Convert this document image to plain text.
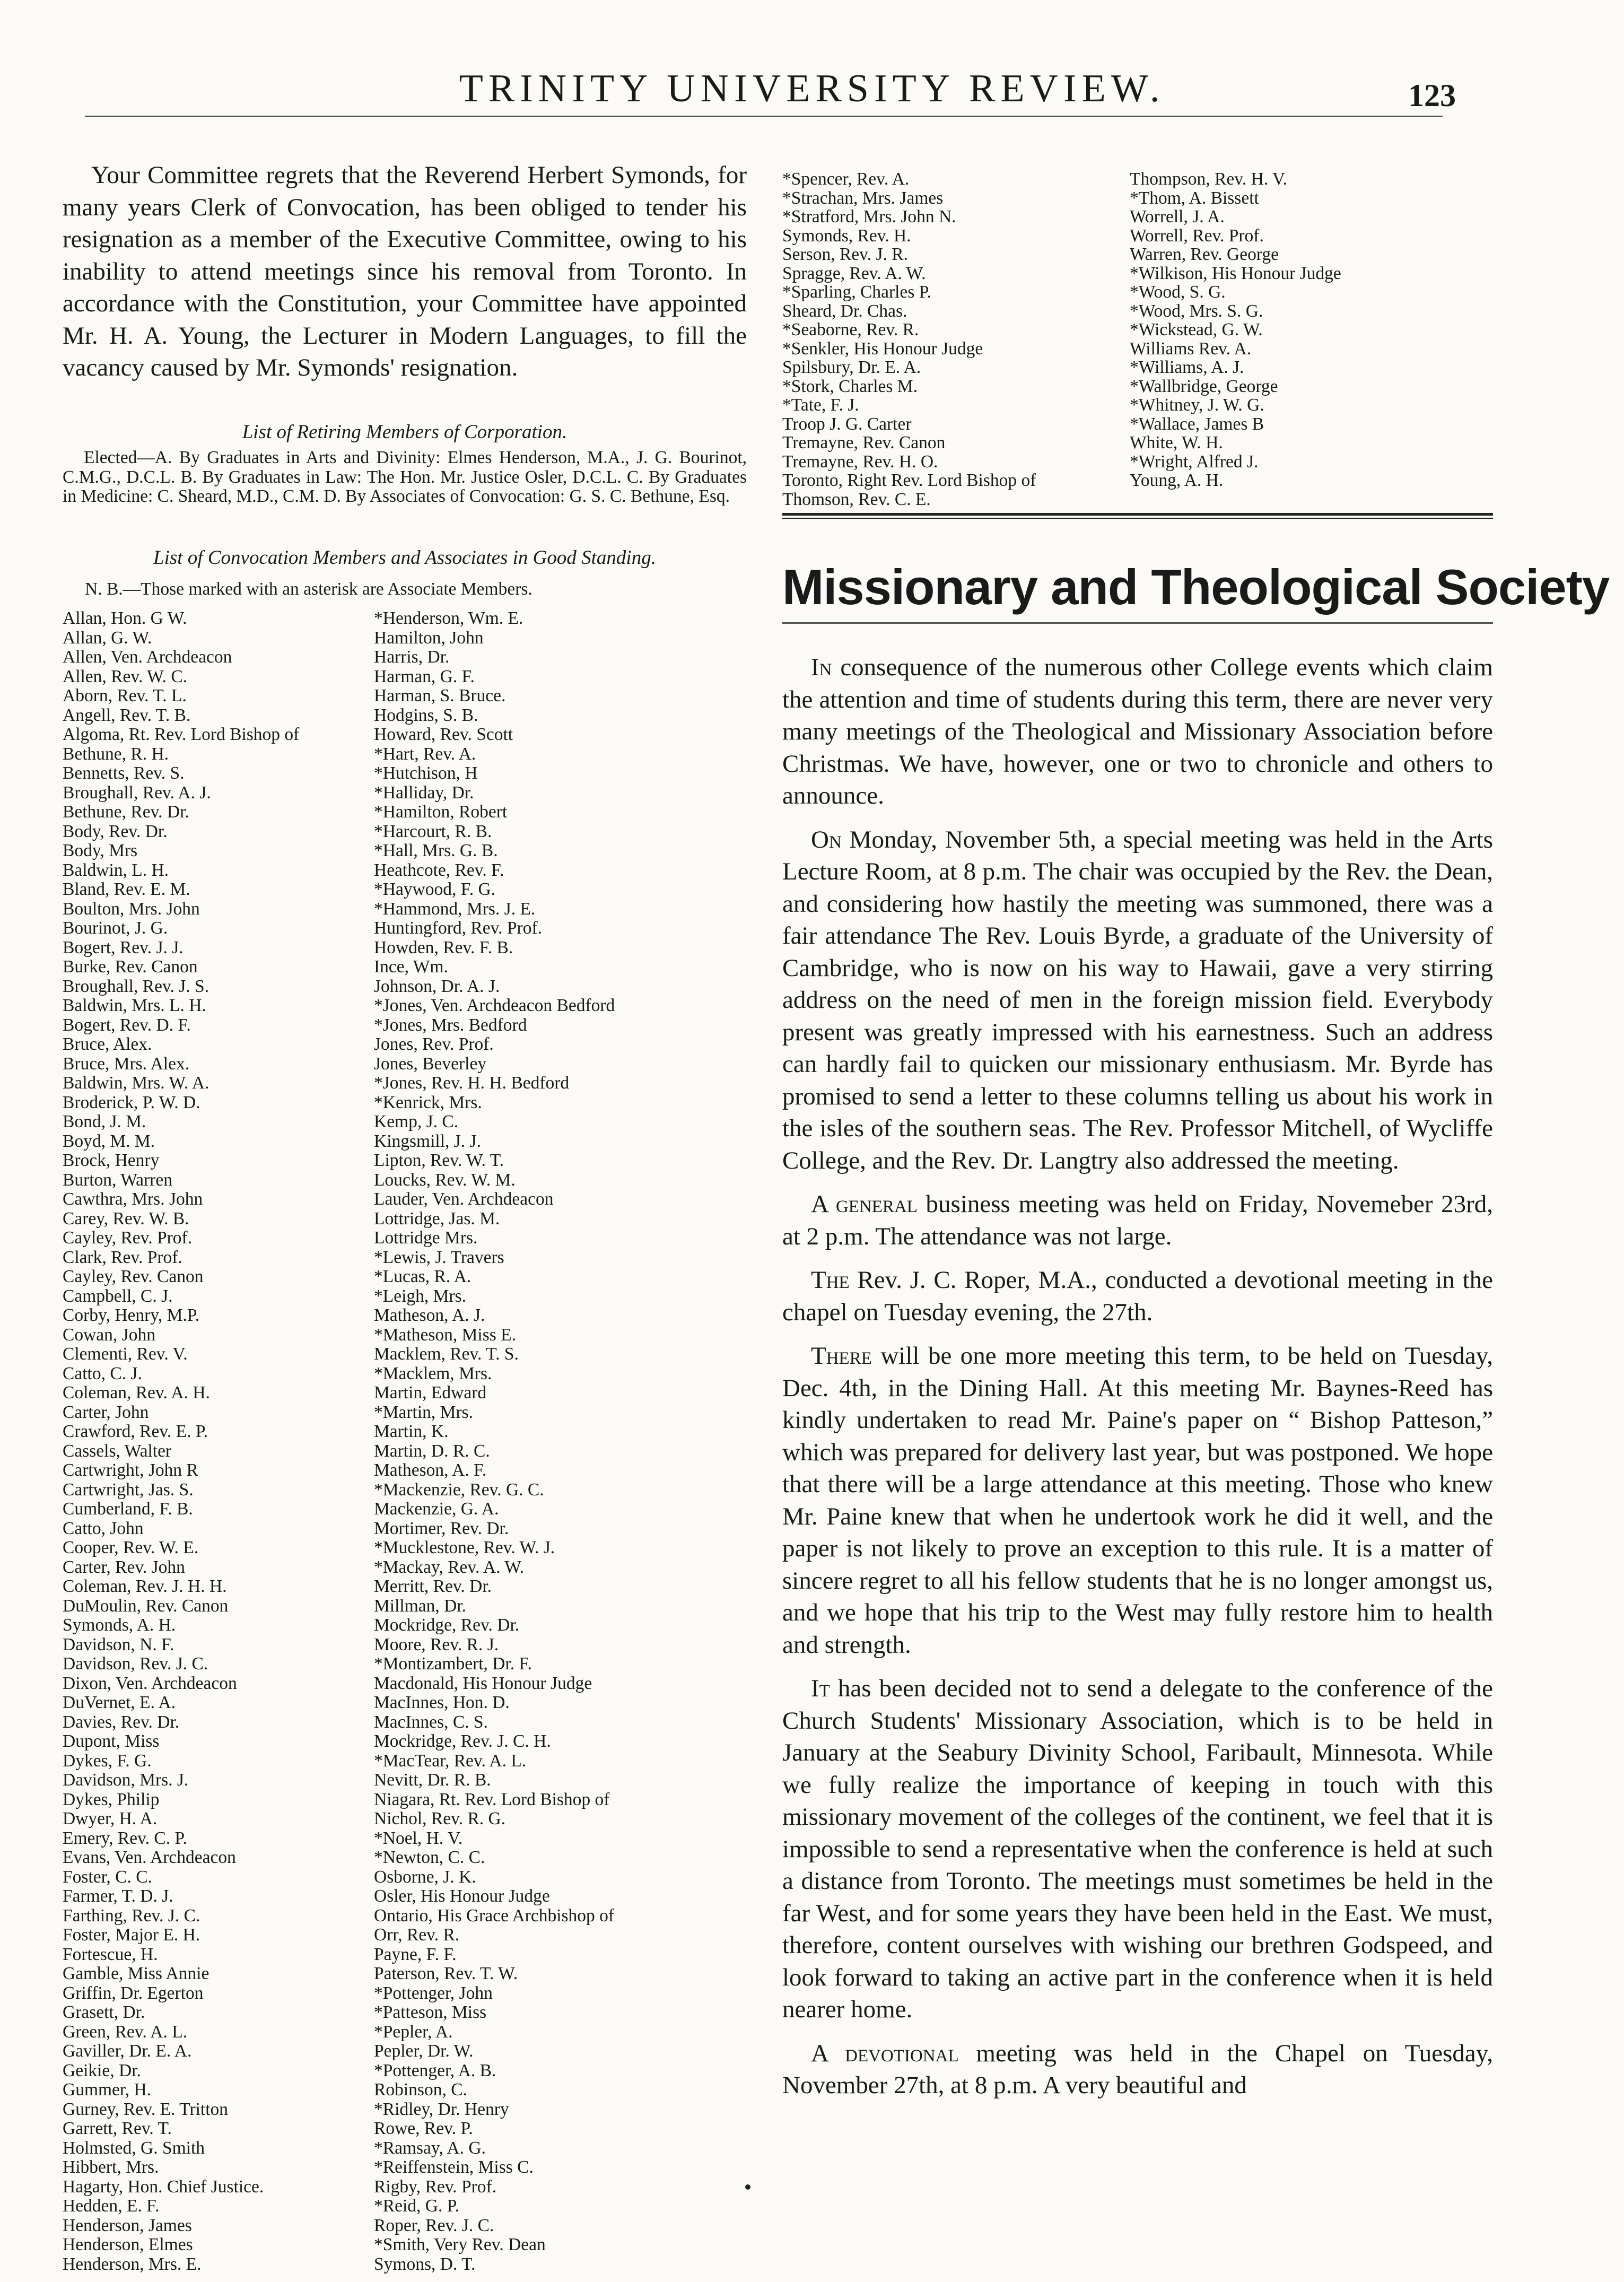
TRINITY UNIVERSITY REVIEW.	123

Your Committee regrets that the Reverend Herbert Symonds, for many years Clerk of Convocation, has been obliged to tender his resignation as a member of the Executive Committee, owing to his inability to attend meetings since his removal from Toronto. In accordance with the Constitution, your Committee have appointed Mr. H. A. Young, the Lecturer in Modern Languages, to fill the vacancy caused by Mr. Symonds' resignation.

List of Retiring Members of Corporation.
Elected—A. By Graduates in Arts and Divinity: Elmes Henderson, M.A., J. G. Bourinot, C.M.G., D.C.L. B. By Graduates in Law: The Hon. Mr. Justice Osler, D.C.L. C. By Graduates in Medicine: C. Sheard, M.D., C.M. D. By Associates of Convocation: G. S. C. Bethune, Esq.
List of Convocation Members and Associates in Good Standing.
N. B.—Those marked with an asterisk are Associate Members.
Allan, Hon. G W.
Allan, G. W.
Allen, Ven. Archdeacon
Allen, Rev. W. C.
Aborn, Rev. T. L.
Angell, Rev. T. B.
Algoma, Rt. Rev. Lord Bishop of
Bethune, R. H.
Bennetts, Rev. S.
Broughall, Rev. A. J.
Bethune, Rev. Dr.
Body, Rev. Dr.
Body, Mrs
Baldwin, L. H.
Bland, Rev. E. M.
Boulton, Mrs. John
Bourinot, J. G.
Bogert, Rev. J. J.
Burke, Rev. Canon
Broughall, Rev. J. S.
Baldwin, Mrs. L. H.
Bogert, Rev. D. F.
Bruce, Alex.
Bruce, Mrs. Alex.
Baldwin, Mrs. W. A.
Broderick, P. W. D.
Bond, J. M.
Boyd, M. M.
Brock, Henry
Burton, Warren
Cawthra, Mrs. John
Carey, Rev. W. B.
Cayley, Rev. Prof.
Clark, Rev. Prof.
Cayley, Rev. Canon
Campbell, C. J.
Corby, Henry, M.P.
Cowan, John
Clementi, Rev. V.
Catto, C. J.
Coleman, Rev. A. H.
Carter, John
Crawford, Rev. E. P.
Cassels, Walter
Cartwright, John R
Cartwright, Jas. S.
Cumberland, F. B.
Catto, John
Cooper, Rev. W. E.
Carter, Rev. John
Coleman, Rev. J. H. H.
DuMoulin, Rev. Canon
Symonds, A. H.
Davidson, N. F.
Davidson, Rev. J. C.
Dixon, Ven. Archdeacon
DuVernet, E. A.
Davies, Rev. Dr.
Dupont, Miss
Dykes, F. G.
Davidson, Mrs. J.
Dykes, Philip
Dwyer, H. A.
Emery, Rev. C. P.
Evans, Ven. Archdeacon
Foster, C. C.
Farmer, T. D. J.
Farthing, Rev. J. C.
Foster, Major E. H.
Fortescue, H.
Gamble, Miss Annie
Griffin, Dr. Egerton
Grasett, Dr.
Green, Rev. A. L.
Gaviller, Dr. E. A.
Geikie, Dr.
Gummer, H.
Gurney, Rev. E. Tritton
Garrett, Rev. T.
Holmsted, G. Smith
Hibbert, Mrs.
Hagarty, Hon. Chief Justice.
Hedden, E. F.
Henderson, James
Henderson, Elmes
Henderson, Mrs. E.
*Henderson, Wm. E.
Hamilton, John
Harris, Dr.
Harman, G. F.
Harman, S. Bruce.
Hodgins, S. B.
Howard, Rev. Scott
*Hart, Rev. A.
*Hutchison, H
*Halliday, Dr.
*Hamilton, Robert
*Harcourt, R. B.
*Hall, Mrs. G. B.
Heathcote, Rev. F.
*Haywood, F. G.
*Hammond, Mrs. J. E.
Huntingford, Rev. Prof.
Howden, Rev. F. B.
Ince, Wm.
Johnson, Dr. A. J.
*Jones, Ven. Archdeacon Bedford
*Jones, Mrs. Bedford
Jones, Rev. Prof.
Jones, Beverley
*Jones, Rev. H. H. Bedford
*Kenrick, Mrs.
Kemp, J. C.
Kingsmill, J. J.
Lipton, Rev. W. T.
Loucks, Rev. W. M.
Lauder, Ven. Archdeacon
Lottridge, Jas. M.
Lottridge Mrs.
*Lewis, J. Travers
*Lucas, R. A.
*Leigh, Mrs.
Matheson, A. J.
*Matheson, Miss E.
Macklem, Rev. T. S.
*Macklem, Mrs.
Martin, Edward
*Martin, Mrs.
Martin, K.
Martin, D. R. C.
Matheson, A. F.
*Mackenzie, Rev. G. C.
Mackenzie, G. A.
Mortimer, Rev. Dr.
*Mucklestone, Rev. W. J.
*Mackay, Rev. A. W.
Merritt, Rev. Dr.
Millman, Dr.
Mockridge, Rev. Dr.
Moore, Rev. R. J.
*Montizambert, Dr. F.
Macdonald, His Honour Judge
MacInnes, Hon. D.
MacInnes, C. S.
Mockridge, Rev. J. C. H.
*MacTear, Rev. A. L.
Nevitt, Dr. R. B.
Niagara, Rt. Rev. Lord Bishop of
Nichol, Rev. R. G.
*Noel, H. V.
*Newton, C. C.
Osborne, J. K.
Osler, His Honour Judge
Ontario, His Grace Archbishop of
Orr, Rev. R.
Payne, F. F.
Paterson, Rev. T. W.
*Pottenger, John
*Patteson, Miss
*Pepler, A.
Pepler, Dr. W.
*Pottenger, A. B.
Robinson, C.
*Ridley, Dr. Henry
Rowe, Rev. P.
*Ramsay, A. G.
*Reiffenstein, Miss C.
Rigby, Rev. Prof.
*Reid, G. P.
Roper, Rev. J. C.
*Smith, Very Rev. Dean
Symons, D. T.
*Spencer, Rev. A.
*Strachan, Mrs. James
*Stratford, Mrs. John N.
Symonds, Rev. H.
Serson, Rev. J. R.
Spragge, Rev. A. W.
*Sparling, Charles P.
Sheard, Dr. Chas.
*Seaborne, Rev. R.
*Senkler, His Honour Judge
Spilsbury, Dr. E. A.
*Stork, Charles M.
*Tate, F. J.
Troop J. G. Carter
Tremayne, Rev. Canon
Tremayne, Rev. H. O.
Toronto, Right Rev. Lord Bishop of
Thomson, Rev. C. E.
Thompson, Rev. H. V.
*Thom, A. Bissett
Worrell, J. A.
Worrell, Rev. Prof.
Warren, Rev. George
*Wilkison, His Honour Judge
*Wood, S. G.
*Wood, Mrs. S. G.
*Wickstead, G. W.
Williams Rev. A.
*Williams, A. J.
*Wallbridge, George
*Whitney, J. W. G.
*Wallace, James B
White, W. H.
*Wright, Alfred J.
Young, A. H.
Missionary and Theological Society

In consequence of the numerous other College events which claim the attention and time of students during this term, there are never very many meetings of the Theological and Missionary Association before Christmas. We have, however, one or two to chronicle and others to announce.

On Monday, November 5th, a special meeting was held in the Arts Lecture Room, at 8 p.m. The chair was occupied by the Rev. the Dean, and considering how hastily the meeting was summoned, there was a fair attendance The Rev. Louis Byrde, a graduate of the University of Cambridge, who is now on his way to Hawaii, gave a very stirring address on the need of men in the foreign mission field. Everybody present was greatly impressed with his earnestness. Such an address can hardly fail to quicken our missionary enthusiasm. Mr. Byrde has promised to send a letter to these columns telling us about his work in the isles of the southern seas. The Rev. Professor Mitchell, of Wycliffe College, and the Rev. Dr. Langtry also addressed the meeting.

A general business meeting was held on Friday, Novemeber 23rd, at 2 p.m. The attendance was not large.

The Rev. J. C. Roper, M.A., conducted a devotional meeting in the chapel on Tuesday evening, the 27th.

There will be one more meeting this term, to be held on Tuesday, Dec. 4th, in the Dining Hall. At this meeting Mr. Baynes-Reed has kindly undertaken to read Mr. Paine's paper on “ Bishop Patteson,” which was prepared for delivery last year, but was postponed. We hope that there will be a large attendance at this meeting. Those who knew Mr. Paine knew that when he undertook work he did it well, and the paper is not likely to prove an exception to this rule. It is a matter of sincere regret to all his fellow students that he is no longer amongst us, and we hope that his trip to the West may fully restore him to health and strength.

It has been decided not to send a delegate to the conference of the Church Students' Missionary Association, which is to be held in January at the Seabury Divinity School, Faribault, Minnesota. While we fully realize the importance of keeping in touch with this missionary movement of the colleges of the continent, we feel that it is impossible to send a representative when the conference is held at such a distance from Toronto. The meetings must sometimes be held in the far West, and for some years they have been held in the East. We must, therefore, content ourselves with wishing our brethren Godspeed, and look forward to taking an active part in the conference when it is held nearer home.

A devotional meeting was held in the Chapel on Tuesday, November 27th, at 8 p.m. A very beautiful and
